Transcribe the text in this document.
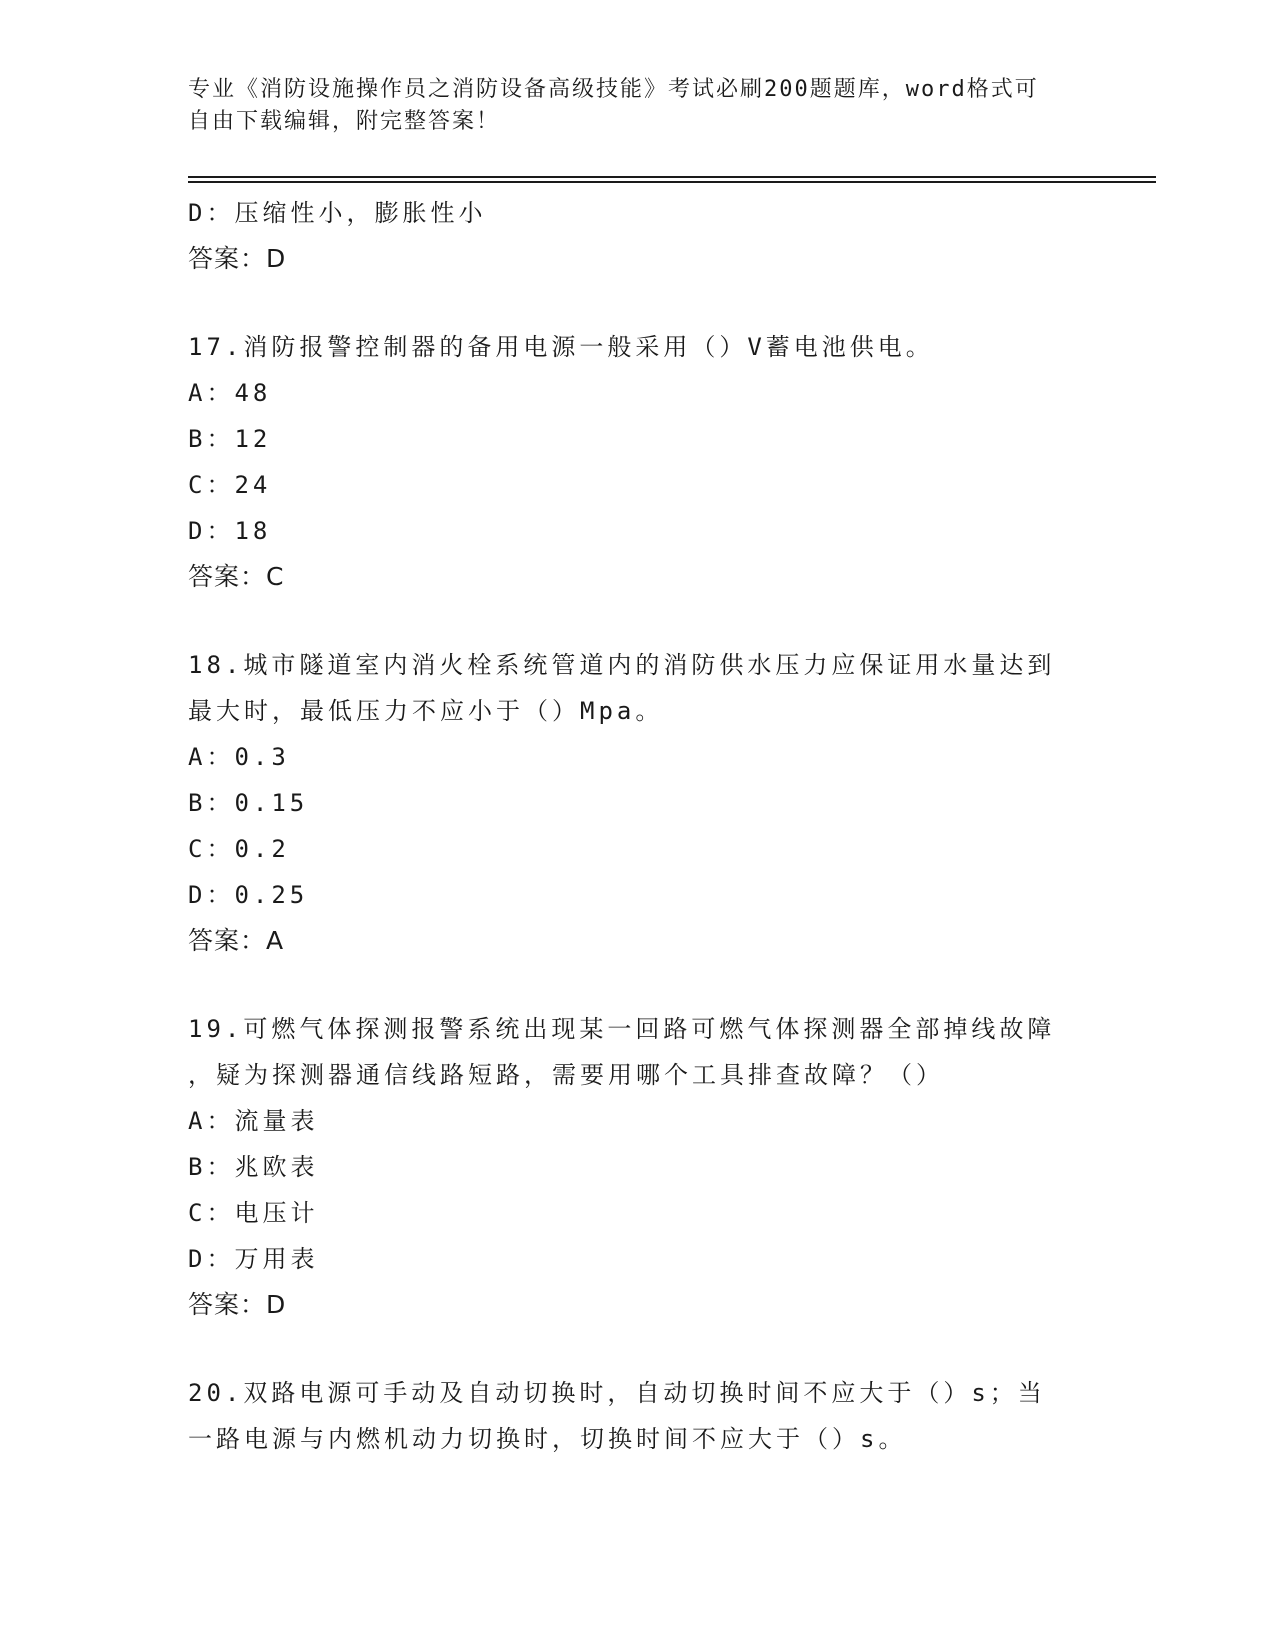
专业《消防设施操作员之消防设备高级技能》考试必刷200题题库，word格式可
自由下载编辑，附完整答案！
D：压缩性小，膨胀性小
答案：D
17.消防报警控制器的备用电源一般采用（）V蓄电池供电。
A：48
B：12
C：24
D：18
答案：C
18.城市隧道室内消火栓系统管道内的消防供水压力应保证用水量达到
最大时，最低压力不应小于（）Mpa。
A：0.3
B：0.15
C：0.2
D：0.25
答案：A
19.可燃气体探测报警系统出现某一回路可燃气体探测器全部掉线故障
，疑为探测器通信线路短路，需要用哪个工具排查故障？（）
A：流量表
B：兆欧表
C：电压计
D：万用表
答案：D
20.双路电源可手动及自动切换时，自动切换时间不应大于（）s；当
一路电源与内燃机动力切换时，切换时间不应大于（）s。
